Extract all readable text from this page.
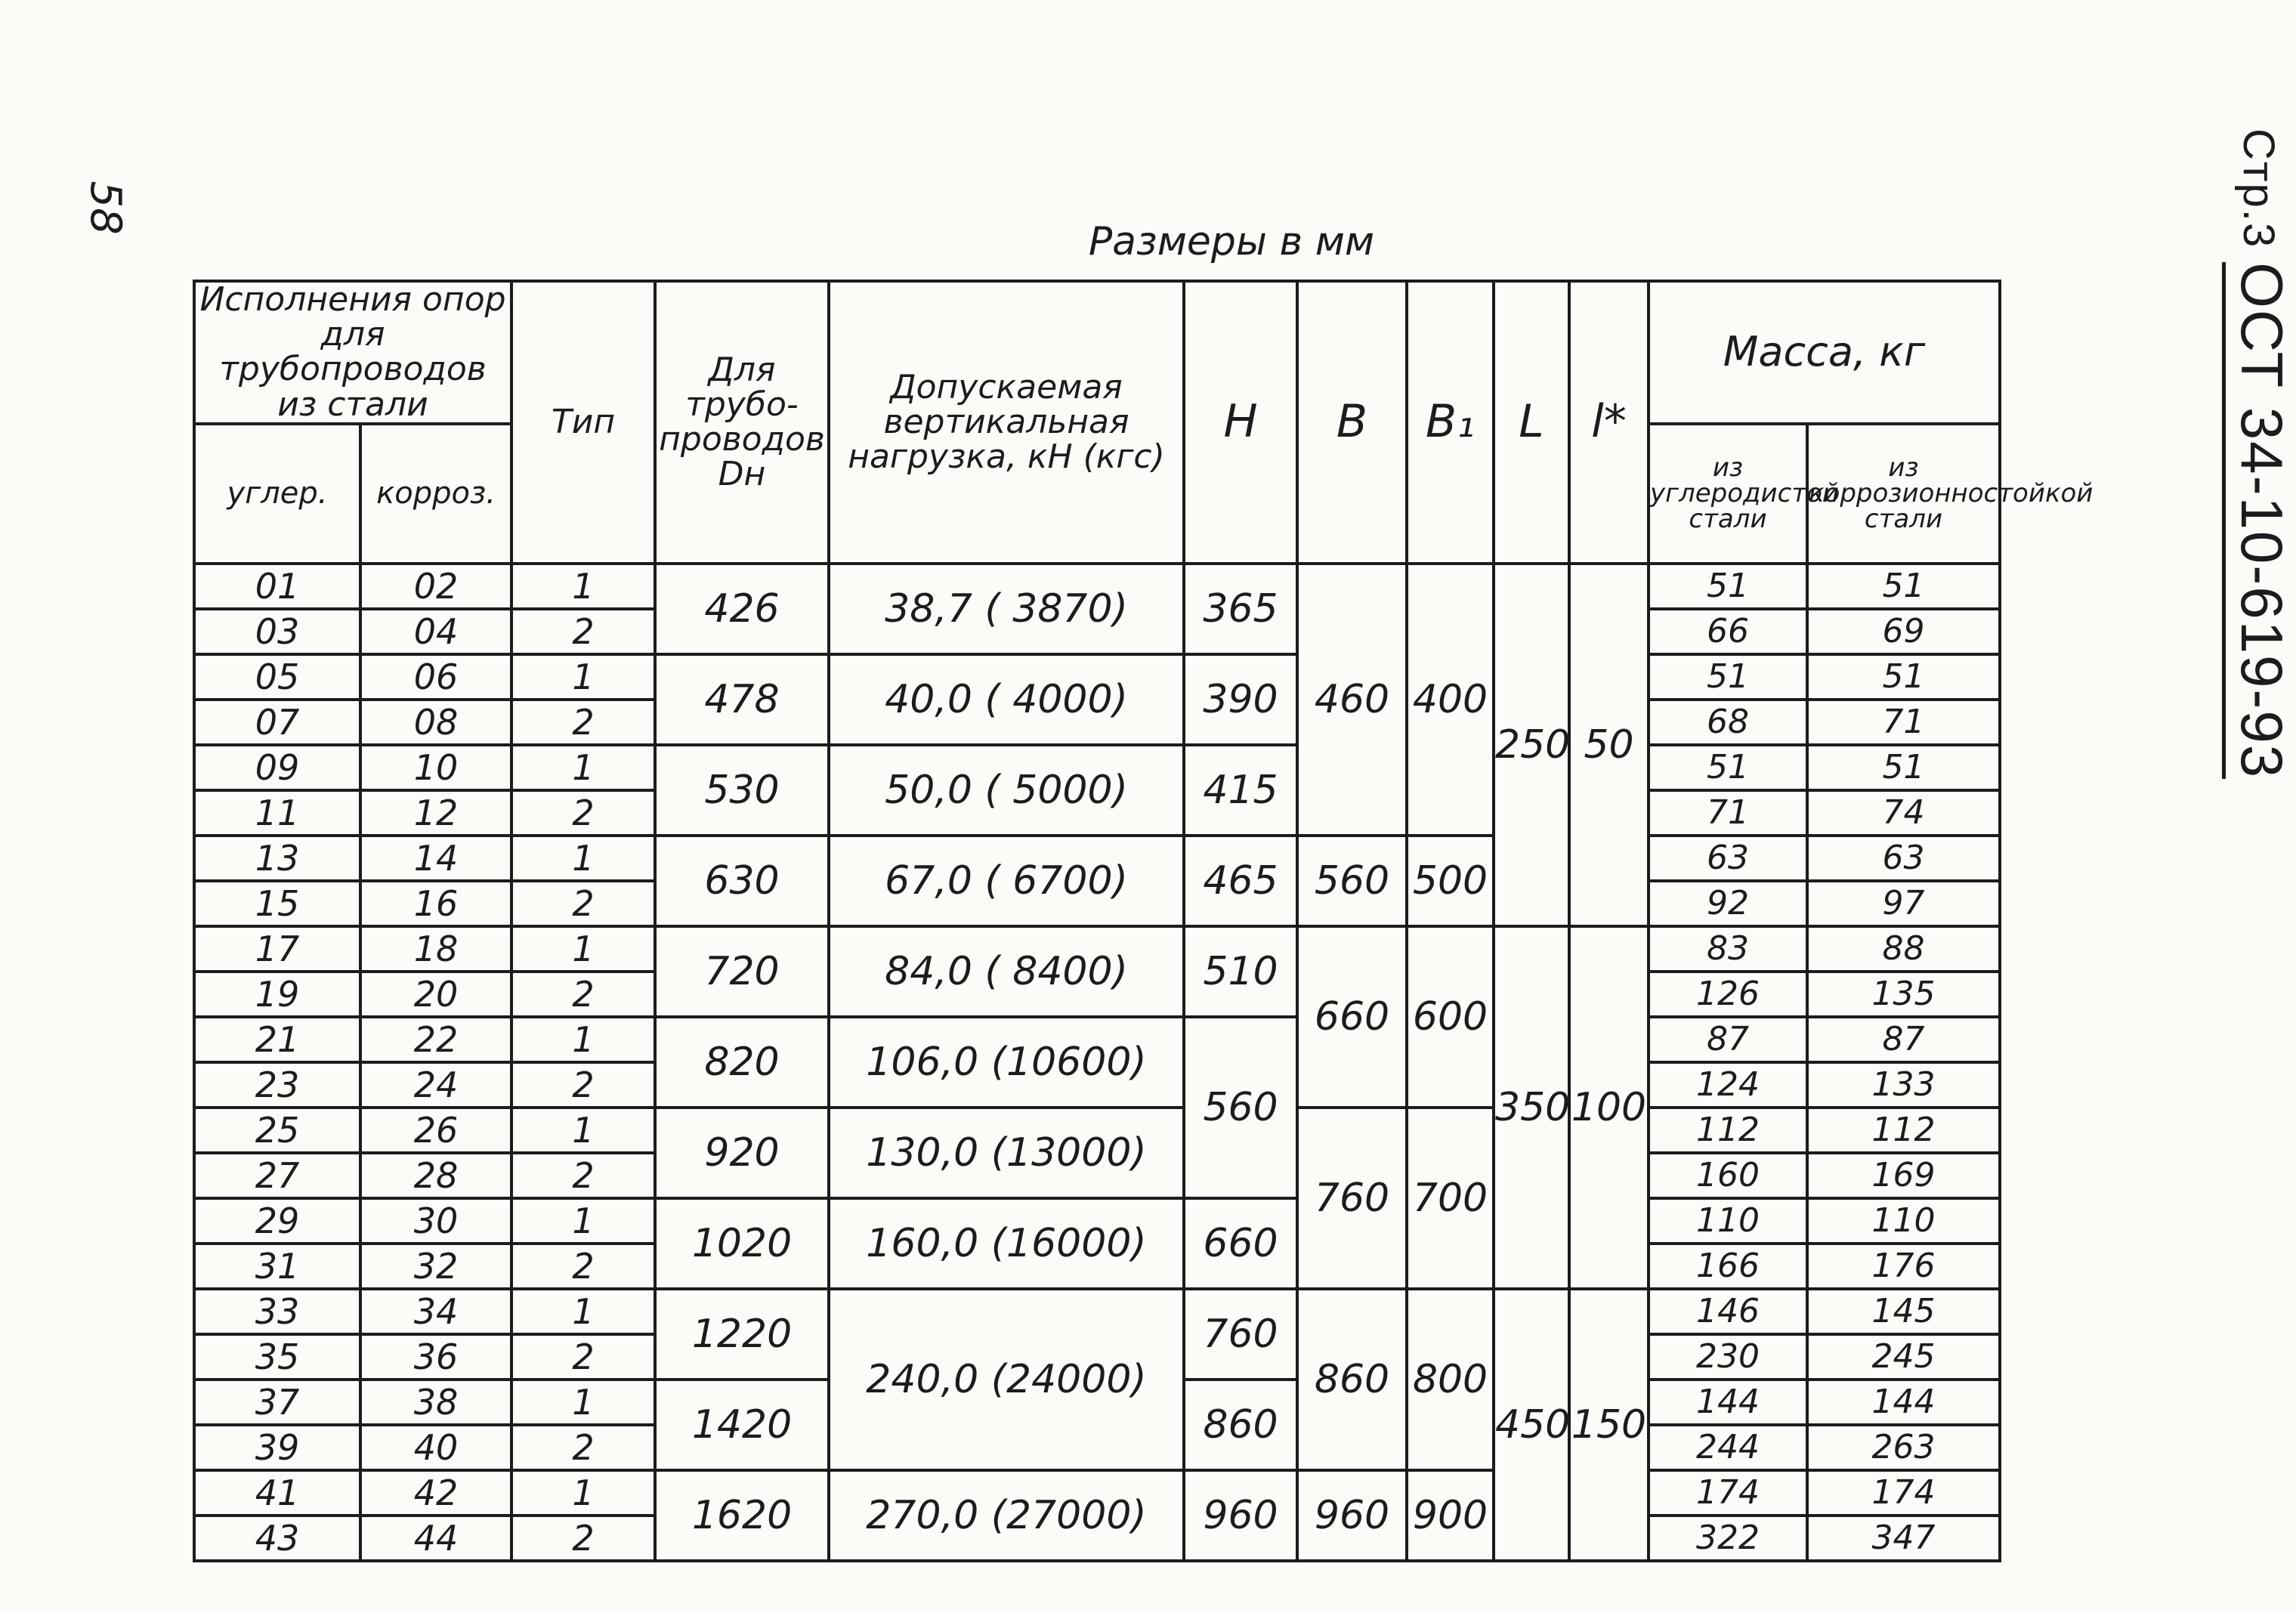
58
Размеры в мм	Стр.3
ОСТ 34-10-619-93
Исполнения опор для трубопроводов из стали		Тип	Для трубо-проводов Dн	Допускаемая вертикальная нагрузка, кН (кгс)	H	B	B₁	L	l*	Масса, кг	
углер.	корроз.									из углеродистой стали	из коррозионностойкой стали

01	02	1	426	38,7 ( 3870)	365	460	400	250	50	51	51
03	04	2								66	69
05	06	1	478	40,0 ( 4000)	390					51	51
07	08	2								68	71
09	10	1	530	50,0 ( 5000)	415					51	51
11	12	2								71	74
13	14	1	630	67,0 ( 6700)	465	560	500			63	63
15	16	2								92	97
17	18	1	720	84,0 ( 8400)	510	660	600	350	100	83	88
19	20	2								126	135
21	22	1	820	106,0 (10600)	560					87	87
23	24	2								124	133
25	26	1	920	130,0 (13000)		760	700			112	112
27	28	2								160	169
29	30	1	1020	160,0 (16000)	660					110	110
31	32	2								166	176
33	34	1	1220	240,0 (24000)	760	860	800	450	150	146	145
35	36	2								230	245
37	38	1	1420		860					144	144
39	40	2								244	263
41	42	1	1620	270,0 (27000)	960	960	900			174	174
43	44	2								322	347
